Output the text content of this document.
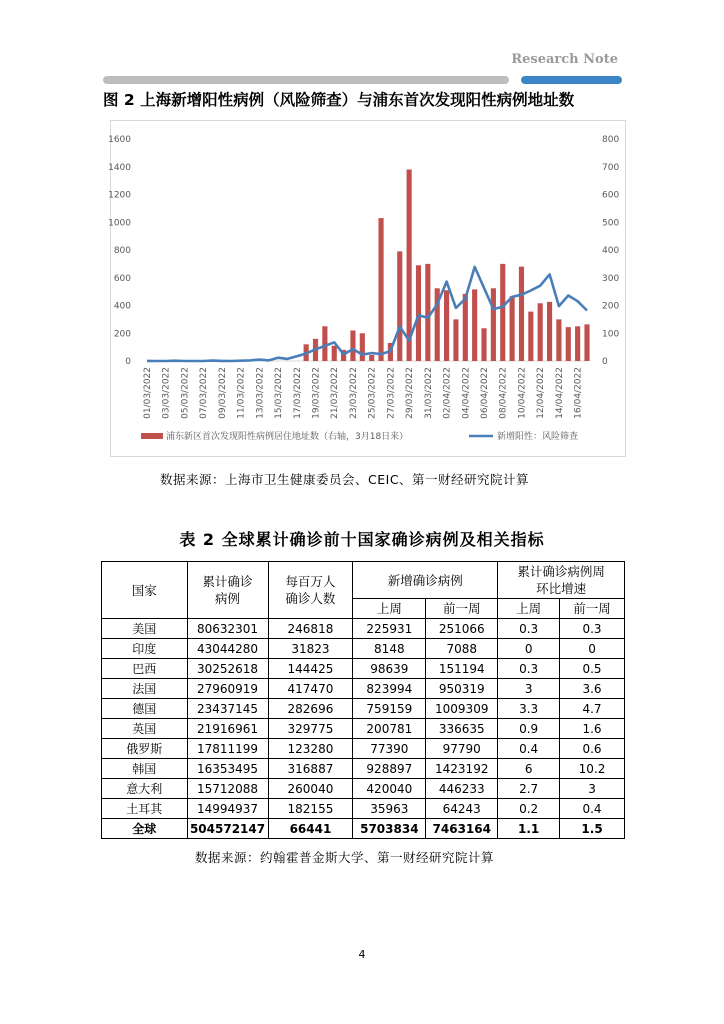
Research Note
图 2 上海新增阳性病例（风险筛查）与浦东首次发现阳性病例地址数
0
200
400
600
800
1000
1200
1400
1600
0
100
200
300
400
500
600
700
800
01/03/2022 03/03/2022 05/03/2022 07/03/2022 09/03/2022 11/03/2022 13/03/2022 15/03/2022 17/03/2022 19/03/2022 21/03/2022 23/03/2022 25/03/2022 27/03/2022 29/03/2022 31/03/2022 02/04/2022 04/04/2022 06/04/2022 08/04/2022 10/04/2022 12/04/2022 14/04/2022 16/04/2022
浦东新区首次发现阳性病例居住地址数（右轴，3月18日来）	新增阳性：风险筛查
数据来源：上海市卫生健康委员会、CEIC、第一财经研究院计算
表 2 全球累计确诊前十国家确诊病例及相关指标
国家	累计确诊病例	每百万人确诊人数	新增确诊病例		累计确诊病例周环比增速	

			上周	前一周	上周	前一周
美国	80632301	246818	225931	251066	0.3	0.3
印度	43044280	31823	8148	7088	0	0
巴西	30252618	144425	98639	151194	0.3	0.5
法国	27960919	417470	823994	950319	3	3.6
德国	23437145	282696	759159	1009309	3.3	4.7
英国	21916961	329775	200781	336635	0.9	1.6
俄罗斯	17811199	123280	77390	97790	0.4	0.6
韩国	16353495	316887	928897	1423192	6	10.2
意大利	15712088	260040	420040	446233	2.7	3
土耳其	14994937	182155	35963	64243	0.2	0.4
全球	504572147	66441	5703834	7463164	1.1	1.5
数据来源：约翰霍普金斯大学、第一财经研究院计算
4
